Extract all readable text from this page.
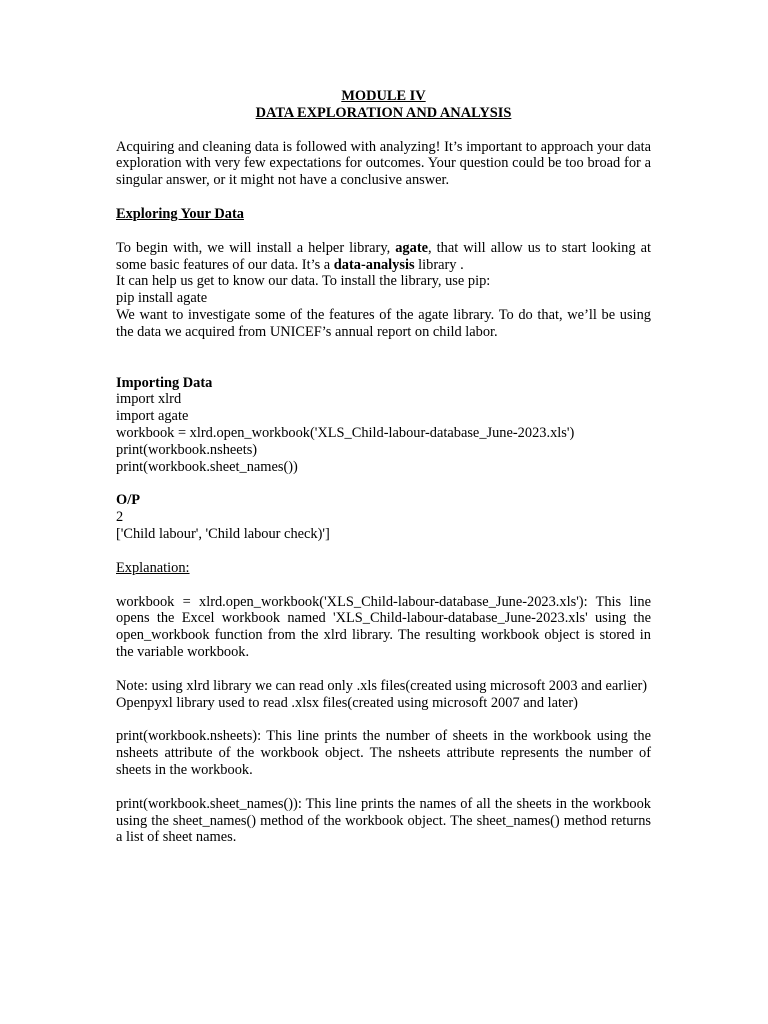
MODULE IV

DATA EXPLORATION AND ANALYSIS

Acquiring and cleaning data is followed with analyzing! It’s important to approach your data exploration with very few expectations for outcomes. Your question could be too broad for a singular answer, or it might not have a conclusive answer.

Exploring Your Data

To begin with, we will install a helper library, agate, that will allow us to start looking at some basic features of our data. It’s a data-analysis library .

It can help us get to know our data. To install the library, use pip:

pip install agate

We want to investigate some of the features of the agate library. To do that, we’ll be using the data we acquired from UNICEF’s annual report on child labor.

Importing Data

import xlrd

import agate

workbook = xlrd.open_workbook('XLS_Child-labour-database_June-2023.xls')

print(workbook.nsheets)

print(workbook.sheet_names())

O/P

2

['Child labour', 'Child labour check)']

Explanation:

workbook = xlrd.open_workbook('XLS_Child-labour-database_June-2023.xls'): This line opens the Excel workbook named 'XLS_Child-labour-database_June-2023.xls' using the open_workbook function from the xlrd library. The resulting workbook object is stored in the variable workbook.

Note: using xlrd library we can read only .xls files(created using microsoft 2003 and earlier)

Openpyxl library used to read .xlsx files(created using microsoft 2007 and later)

print(workbook.nsheets): This line prints the number of sheets in the workbook using the nsheets attribute of the workbook object. The nsheets attribute represents the number of sheets in the workbook.

print(workbook.sheet_names()): This line prints the names of all the sheets in the workbook using the sheet_names() method of the workbook object. The sheet_names() method returns a list of sheet names.
